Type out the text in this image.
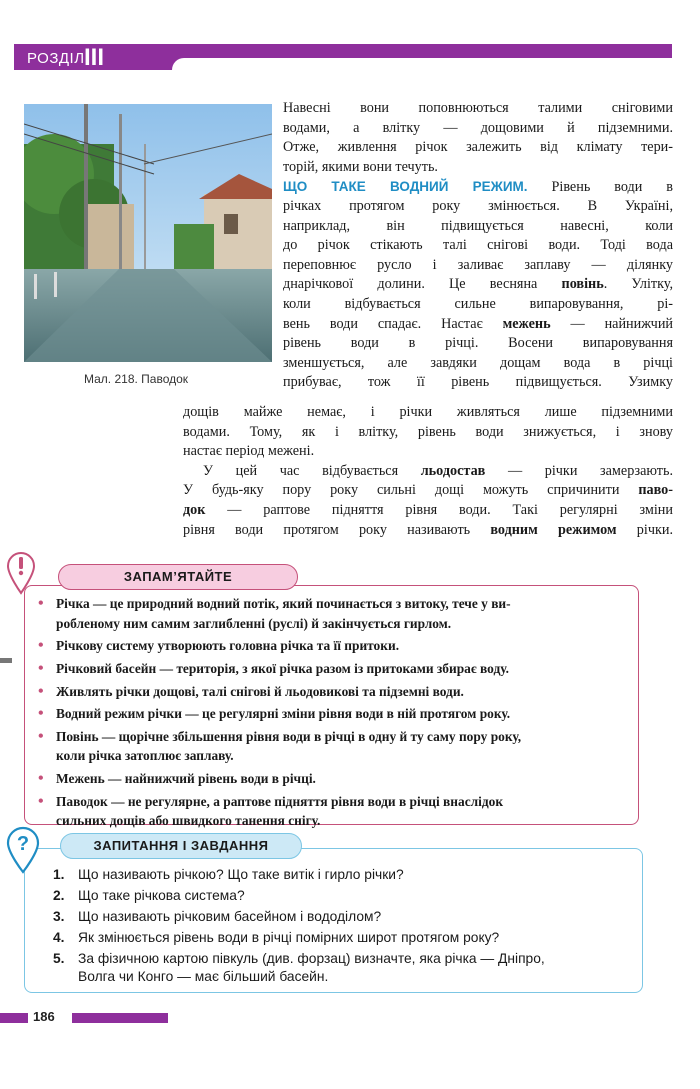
РОЗДІЛ III
Мал. 218. Паводок
Навесні вони поповнюються талими сніговими
водами, а влітку — дощовими й підземними.
Отже, живлення річок залежить від клімату тери-
торій, якими вони течуть.
ЩО ТАКЕ ВОДНИЙ РЕЖИМ. Рівень води в
річках протягом року змінюється. В Україні,
наприклад, він підвищується навесні, коли
до річок стікають талі снігові води. Тоді вода
переповнює русло і заливає заплаву — ділянку
днарічкової долини. Це весняна повінь. Улітку,
коли відбувається сильне випаровування, рі-
вень води спадає. Настає межень — найнижчий
рівень води в річці. Восени випаровування
зменшується, але завдяки дощам вода в річці
прибуває, тож її рівень підвищується. Узимку
дощів майже немає, і річки живляться лише підземними
водами. Тому, як і влітку, рівень води знижується, і знову
настає період межені.
У цей час відбувається льодостав — річки замерзають.
У будь-яку пору року сильні дощі можуть спричинити паво-
док — раптове підняття рівня води. Такі регулярні зміни
рівня води протягом року називають водним режимом річки.
ЗАПАМ’ЯТАЙТЕ
• Річка — це природний водний потік, який починається з витоку, тече у ви-
робленому ним самим заглибленні (руслі) й закінчується гирлом.
• Річкову систему утворюють головна річка та її притоки.
• Річковий басейн — територія, з якої річка разом із притоками збирає воду.
• Живлять річки дощові, талі снігові й льодовикові та підземні води.
• Водний режим річки — це регулярні зміни рівня води в ній протягом року.
• Повінь — щорічне збільшення рівня води в річці в одну й ту саму пору року,
коли річка затоплює заплаву.
• Межень — найнижчий рівень води в річці.
• Паводок — не регулярне, а раптове підняття рівня води в річці внаслідок
сильних дощів або швидкого танення снігу.
?	ЗАПИТАННЯ І ЗАВДАННЯ
1. Що називають річкою? Що таке витік і гирло річки?
2. Що таке річкова система?
3. Що називають річковим басейном і вододілом?
4. Як змінюється рівень води в річці помірних широт протягом року?
5. За фізичною картою півкуль (див. форзац) визначте, яка річка — Дніпро,
Волга чи Конго — має більший басейн.
186
